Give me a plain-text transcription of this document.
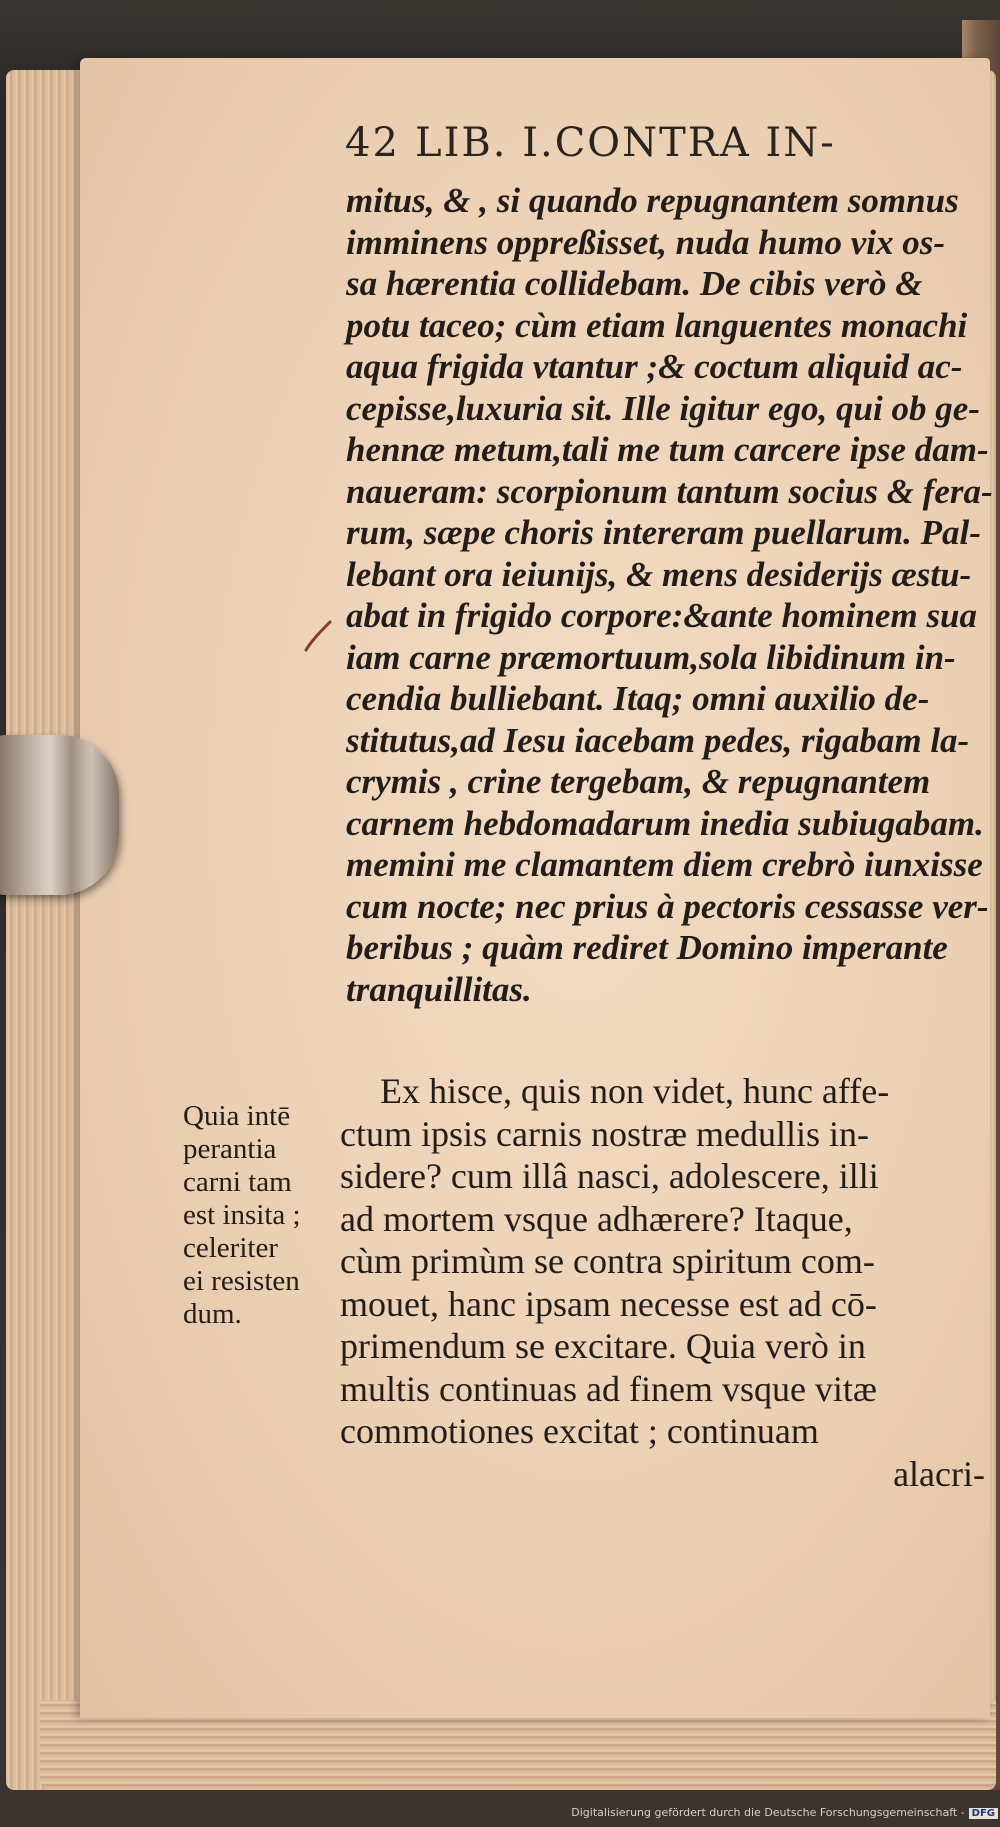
42 LIB. I.CONTRA IN-
mitus, & , si quando repugnantem somnus
imminens oppreßisset, nuda humo vix os-
sa hærentia collidebam. De cibis verò &
potu taceo; cùm etiam languentes monachi
aqua frigida vtantur ;& coctum aliquid ac-
cepisse,luxuria sit. Ille igitur ego, qui ob ge-
hennæ metum,tali me tum carcere ipse dam-
naueram: scorpionum tantum socius & fera-
rum, sæpe choris intereram puellarum. Pal-
lebant ora ieiunijs, & mens desiderijs æstu-
abat in frigido corpore:&ante hominem sua
iam carne præmortuum,sola libidinum in-
cendia bulliebant. Itaq; omni auxilio de-
stitutus,ad Iesu iacebam pedes, rigabam la-
crymis , crine tergebam, & repugnantem
carnem hebdomadarum inedia subiugabam.
memini me clamantem diem crebrò iunxisse
cum nocte; nec prius à pectoris cessasse ver-
beribus ; quàm rediret Domino imperante
tranquillitas.
Quia intē
perantia
carni tam
est insita ;
celeriter
ei resisten
dum.
Ex hisce, quis non videt, hunc affe-
ctum ipsis carnis nostræ medullis in-
sidere? cum illâ nasci, adolescere, illi
ad mortem vsque adhærere? Itaque,
cùm primùm se contra spiritum com-
mouet, hanc ipsam necesse est ad cō-
primendum se excitare. Quia verò in
multis continuas ad finem vsque vitæ
commotiones excitat ; continuam
alacri-
Digitalisierung gefördert durch die Deutsche Forschungsgemeinschaft - DFG
